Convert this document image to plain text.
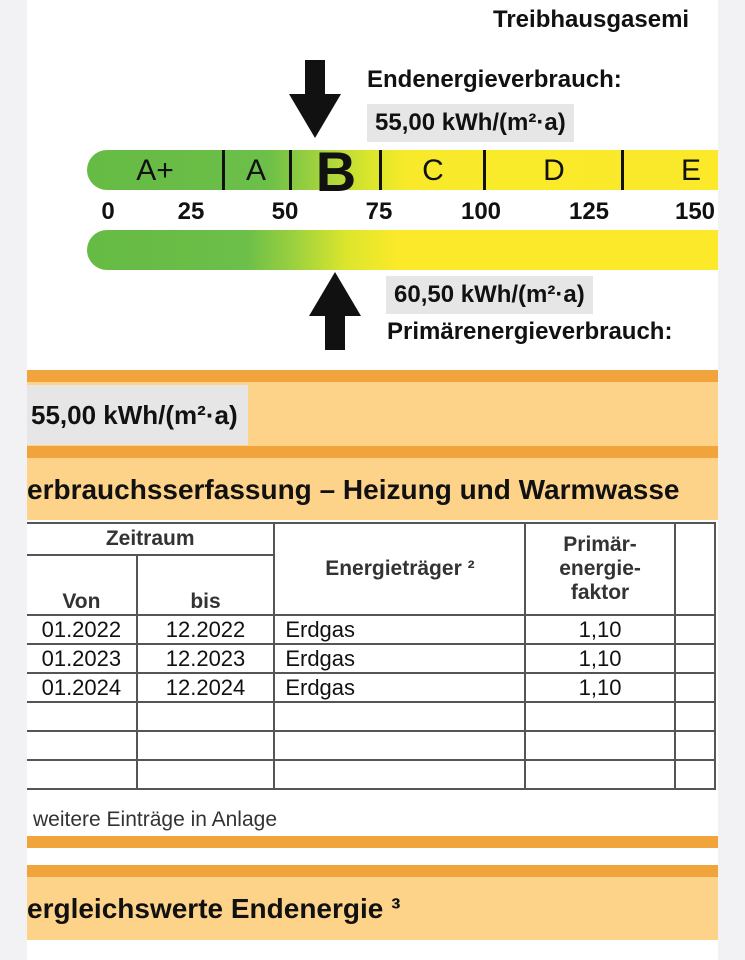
Treibhausgasemi
Endenergieverbrauch:
55,00 kWh/(m²·a)
A+	A B	C	D	E
0	25	50	75	100	125	150
60,50 kWh/(m²·a)
Primärenergieverbrauch:
55,00 kWh/(m²·a)
erbrauchsserfassung – Heizung und Warmwasse
Zeitraum		Energieträger ²	Primär-
energie-
faktor	

Von	bis			
01.2022	12.2022	Erdgas	1,10	
01.2023	12.2023	Erdgas	1,10	
01.2024	12.2024	Erdgas	1,10	

weitere Einträge in Anlage
ergleichswerte Endenergie ³
